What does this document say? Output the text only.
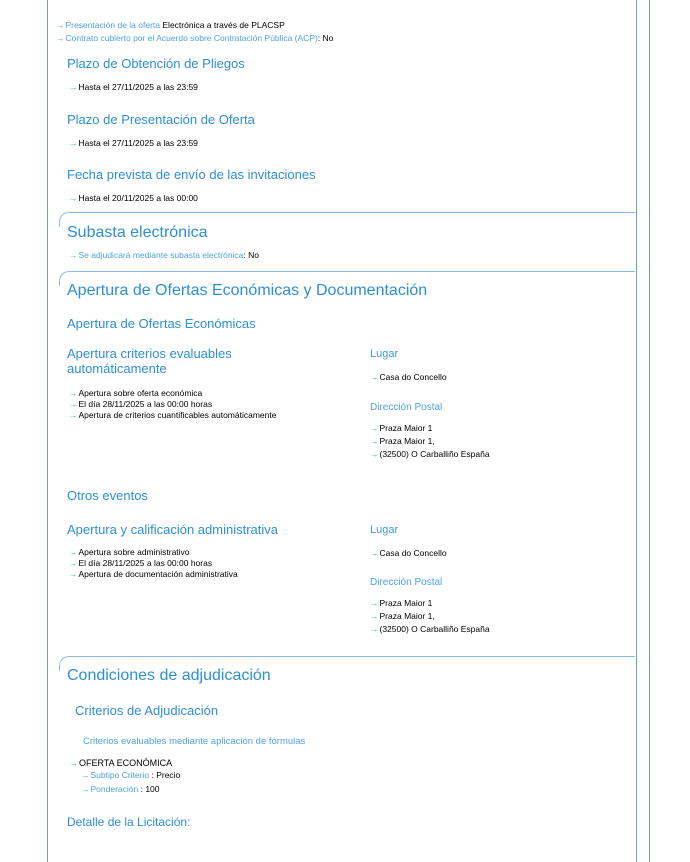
→Presentación de la oferta Electrónica a través de PLACSP
→Contrato cubierto por el Acuerdo sobre Contratación Pública (ACP): No
Plazo de Obtención de Pliegos
→Hasta el 27/11/2025 a las 23:59
Plazo de Presentación de Oferta
→Hasta el 27/11/2025 a las 23:59
Fecha prevista de envío de las invitaciones
→Hasta el 20/11/2025 a las 00:00
Subasta electrónica
→Se adjudicará mediante subasta electrónica: No
Apertura de Ofertas Económicas y Documentación
Apertura de Ofertas Económicas
Apertura criterios evaluables
automáticamente
→Apertura sobre oferta económica
→El día 28/11/2025 a las 00:00 horas
→Apertura de criterios cuantificables automáticamente
Lugar
→Casa do Concello
Dirección Postal
→Praza Maior 1
→Praza Maior 1,
→(32500) O Carballiño España
Otros eventos
Apertura y calificación administrativa
→Apertura sobre administrativo
→El día 28/11/2025 a las 00:00 horas
→Apertura de documentación administrativa
Lugar
→Casa do Concello
Dirección Postal
→Praza Maior 1
→Praza Maior 1,
→(32500) O Carballiño España
Condiciones de adjudicación
Criterios de Adjudicación
Criterios evaluables mediante aplicación de fórmulas
→OFERTA ECONÓMICA
→Subtipo Criterio : Precio
→Ponderación : 100
Detalle de la Licitación:
